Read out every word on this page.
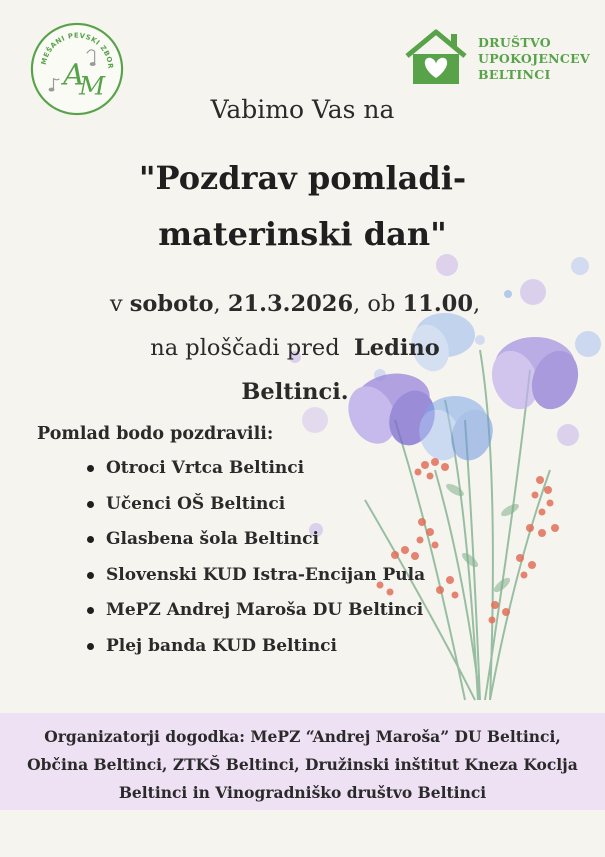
MEŠANI PEVSKI ZBOR
A
M
DRUŠTVO
UPOKOJENCEV
BELTINCI
Vabimo Vas na
"Pozdrav pomladi-
materinski dan"
v soboto, 21.3.2026, ob 11.00,
na ploščadi pred  Ledino
Beltinci.
Pomlad bodo pozdravili:
Otroci Vrtca Beltinci
Učenci OŠ Beltinci
Glasbena šola Beltinci
Slovenski KUD Istra-Encijan Pula
MePZ Andrej Maroša DU Beltinci
Plej banda KUD Beltinci
Organizatorji dogodka: MePZ “Andrej Maroša” DU Beltinci, Občina Beltinci, ZTKŠ Beltinci, Družinski inštitut Kneza Koclja Beltinci in Vinogradniško društvo Beltinci
